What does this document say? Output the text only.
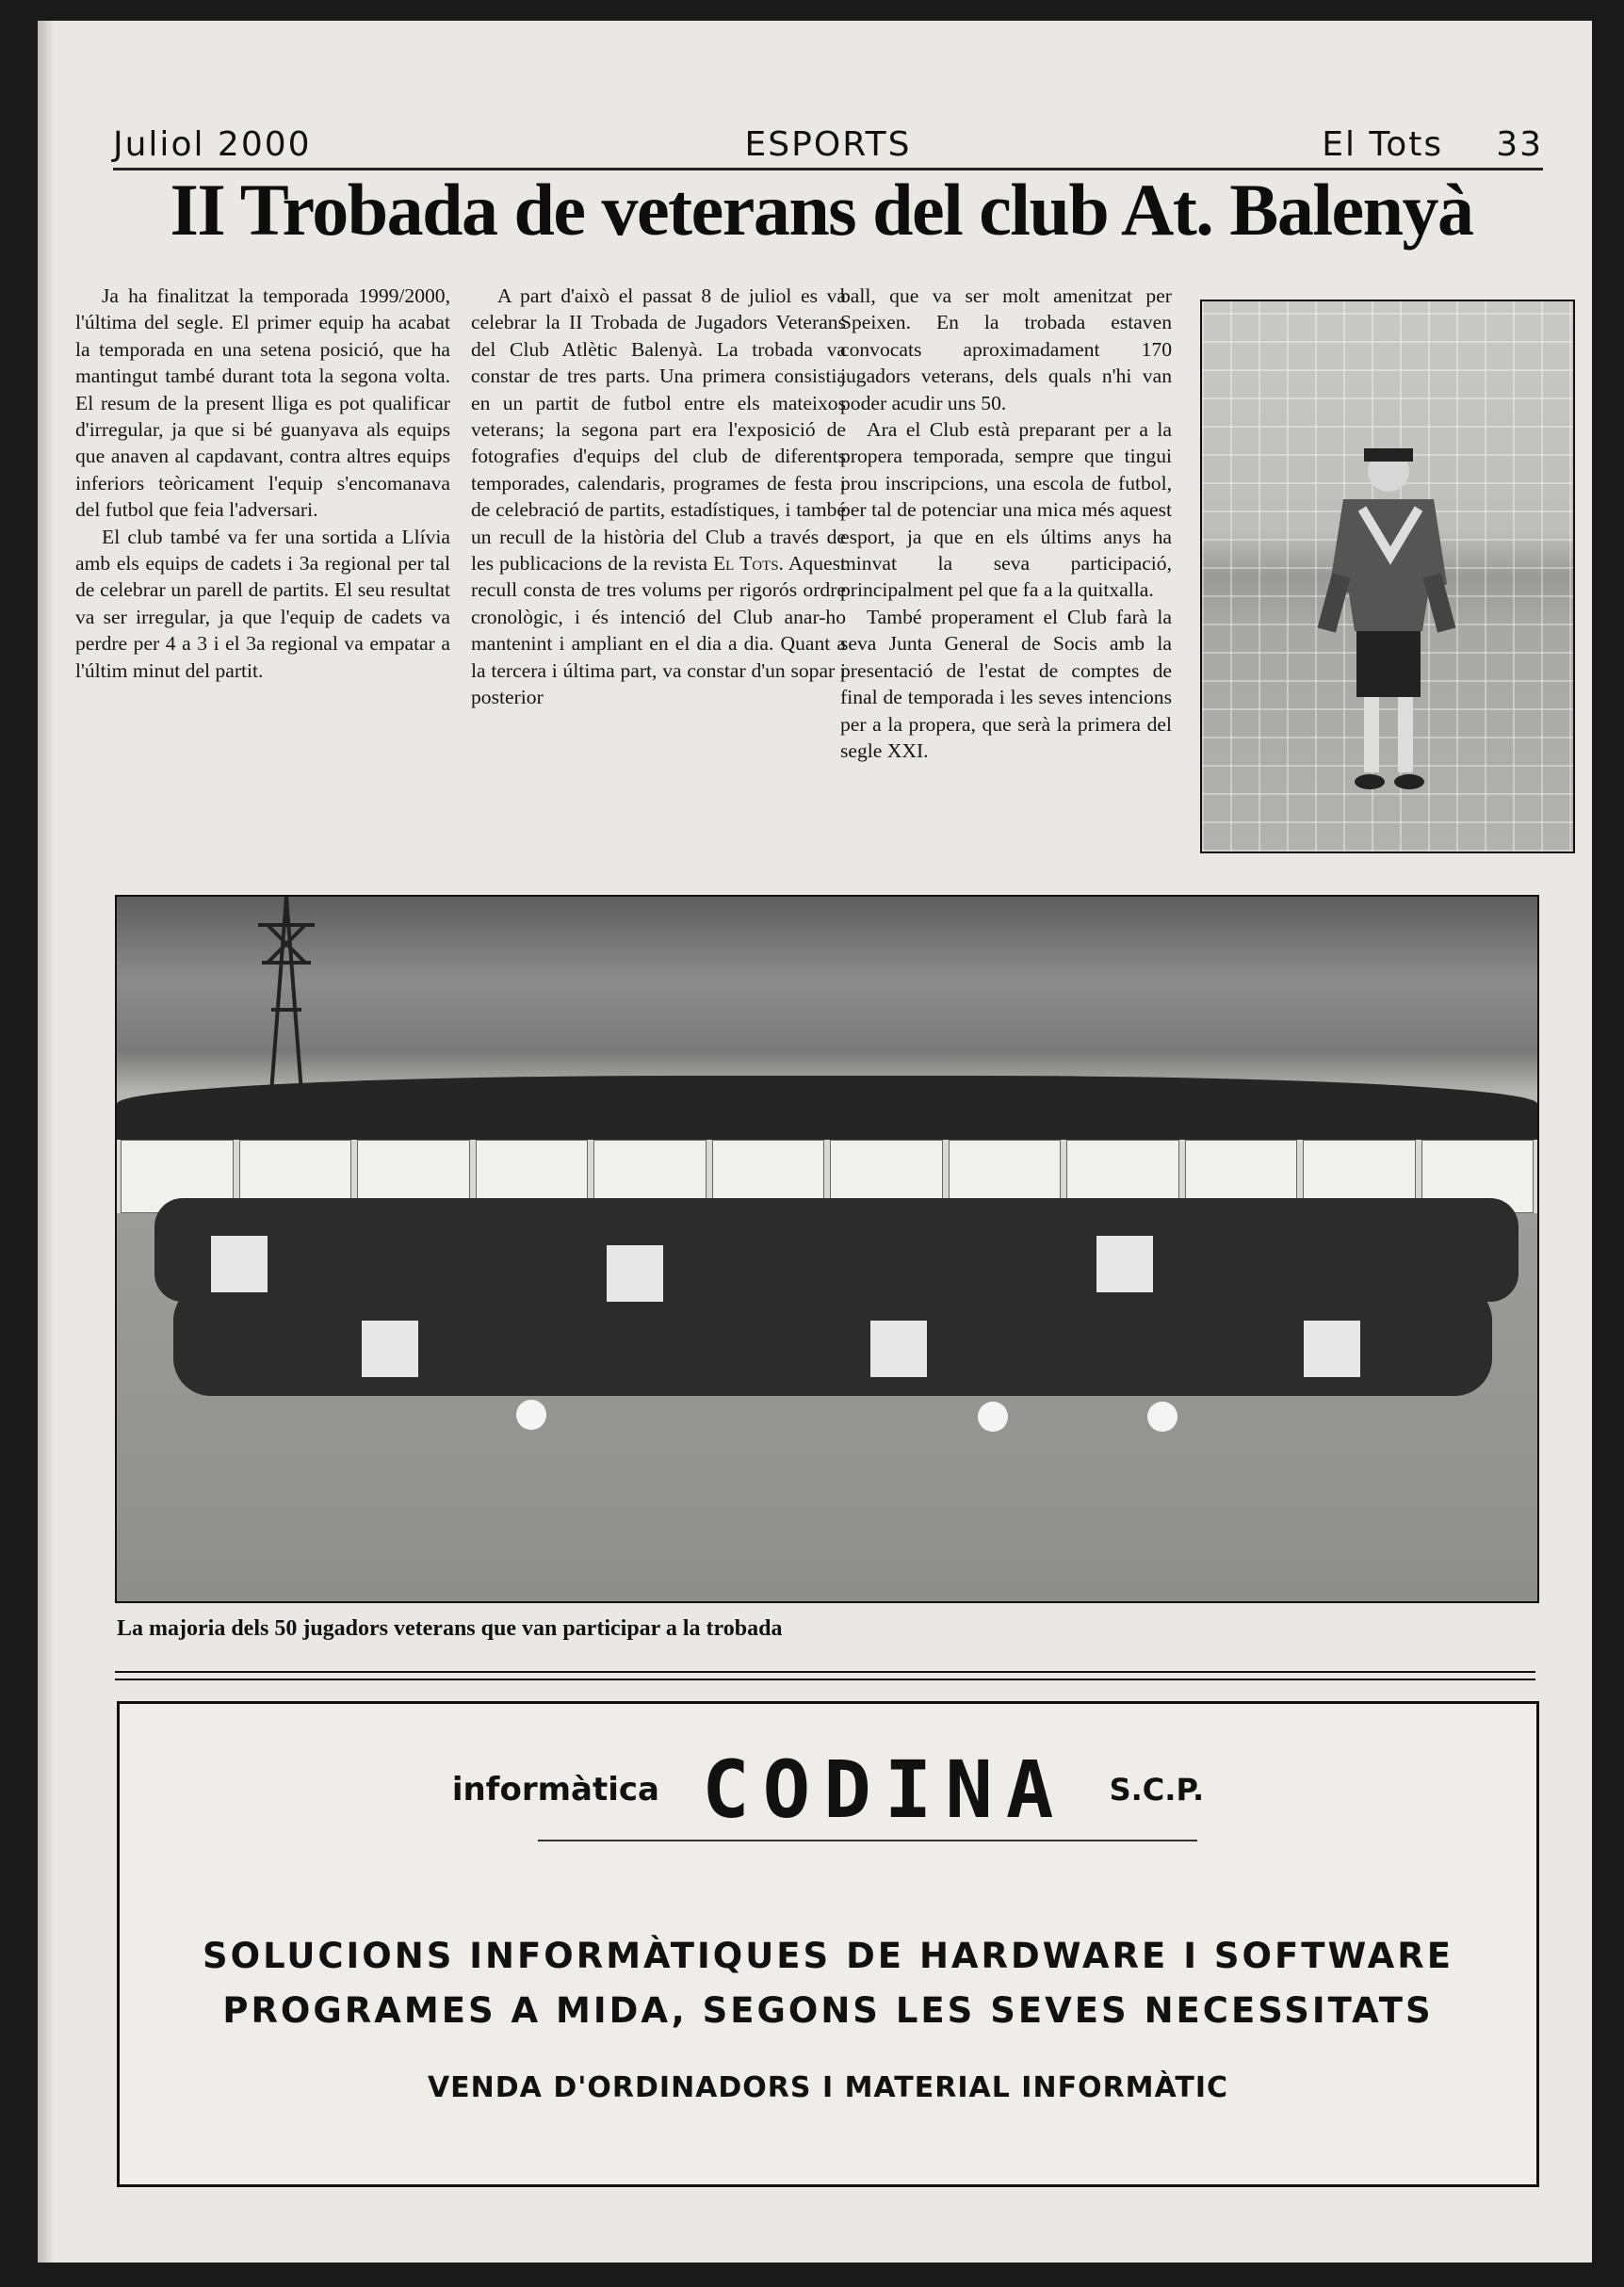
Juliol 2000	ESPORTS	El Tots 33
II Trobada de veterans del club At. Balenyà

Ja ha finalitzat la temporada 1999/2000, l'última del segle. El primer equip ha acabat la temporada en una setena posició, que ha mantingut també durant tota la segona volta. El resum de la present lliga es pot qualificar d'irregular, ja que si bé guanyava als equips que anaven al capdavant, contra altres equips inferiors teòricament l'equip s'encomanava del futbol que feia l'adversari.

El club també va fer una sortida a Llívia amb els equips de cadets i 3a regional per tal de celebrar un parell de partits. El seu resultat va ser irregular, ja que l'equip de cadets va perdre per 4 a 3 i el 3a regional va empatar a l'últim minut del partit.

A part d'això el passat 8 de juliol es va celebrar la II Trobada de Jugadors Veterans del Club Atlètic Balenyà. La trobada va constar de tres parts. Una primera consistia en un partit de futbol entre els mateixos veterans; la segona part era l'exposició de fotografies d'equips del club de diferents temporades, calendaris, programes de festa i de celebració de partits, estadístiques, i també un recull de la història del Club a través de les publicacions de la revista El Tots. Aquest recull consta de tres volums per rigorós ordre cronològic, i és intenció del Club anar-ho mantenint i ampliant en el dia a dia. Quant a la tercera i última part, va constar d'un sopar i posterior

ball, que va ser molt amenitzat per Speixen. En la trobada estaven convocats aproximadament 170 jugadors veterans, dels quals n'hi van poder acudir uns 50.

Ara el Club està preparant per a la propera temporada, sempre que tingui prou inscripcions, una escola de futbol, per tal de potenciar una mica més aquest esport, ja que en els últims anys ha minvat la seva participació, principalment pel que fa a la quitxalla.

També properament el Club farà la seva Junta General de Socis amb la presentació de l'estat de comptes de final de temporada i les seves intencions per a la propera, que serà la primera del segle XXI.

La majoria dels 50 jugadors veterans que van participar a la trobada
informàtica CODINA S.C.P.
SOLUCIONS INFORMÀTIQUES DE HARDWARE I SOFTWARE
PROGRAMES A MIDA, SEGONS LES SEVES NECESSITATS
VENDA D'ORDINADORS I MATERIAL INFORMÀTIC
